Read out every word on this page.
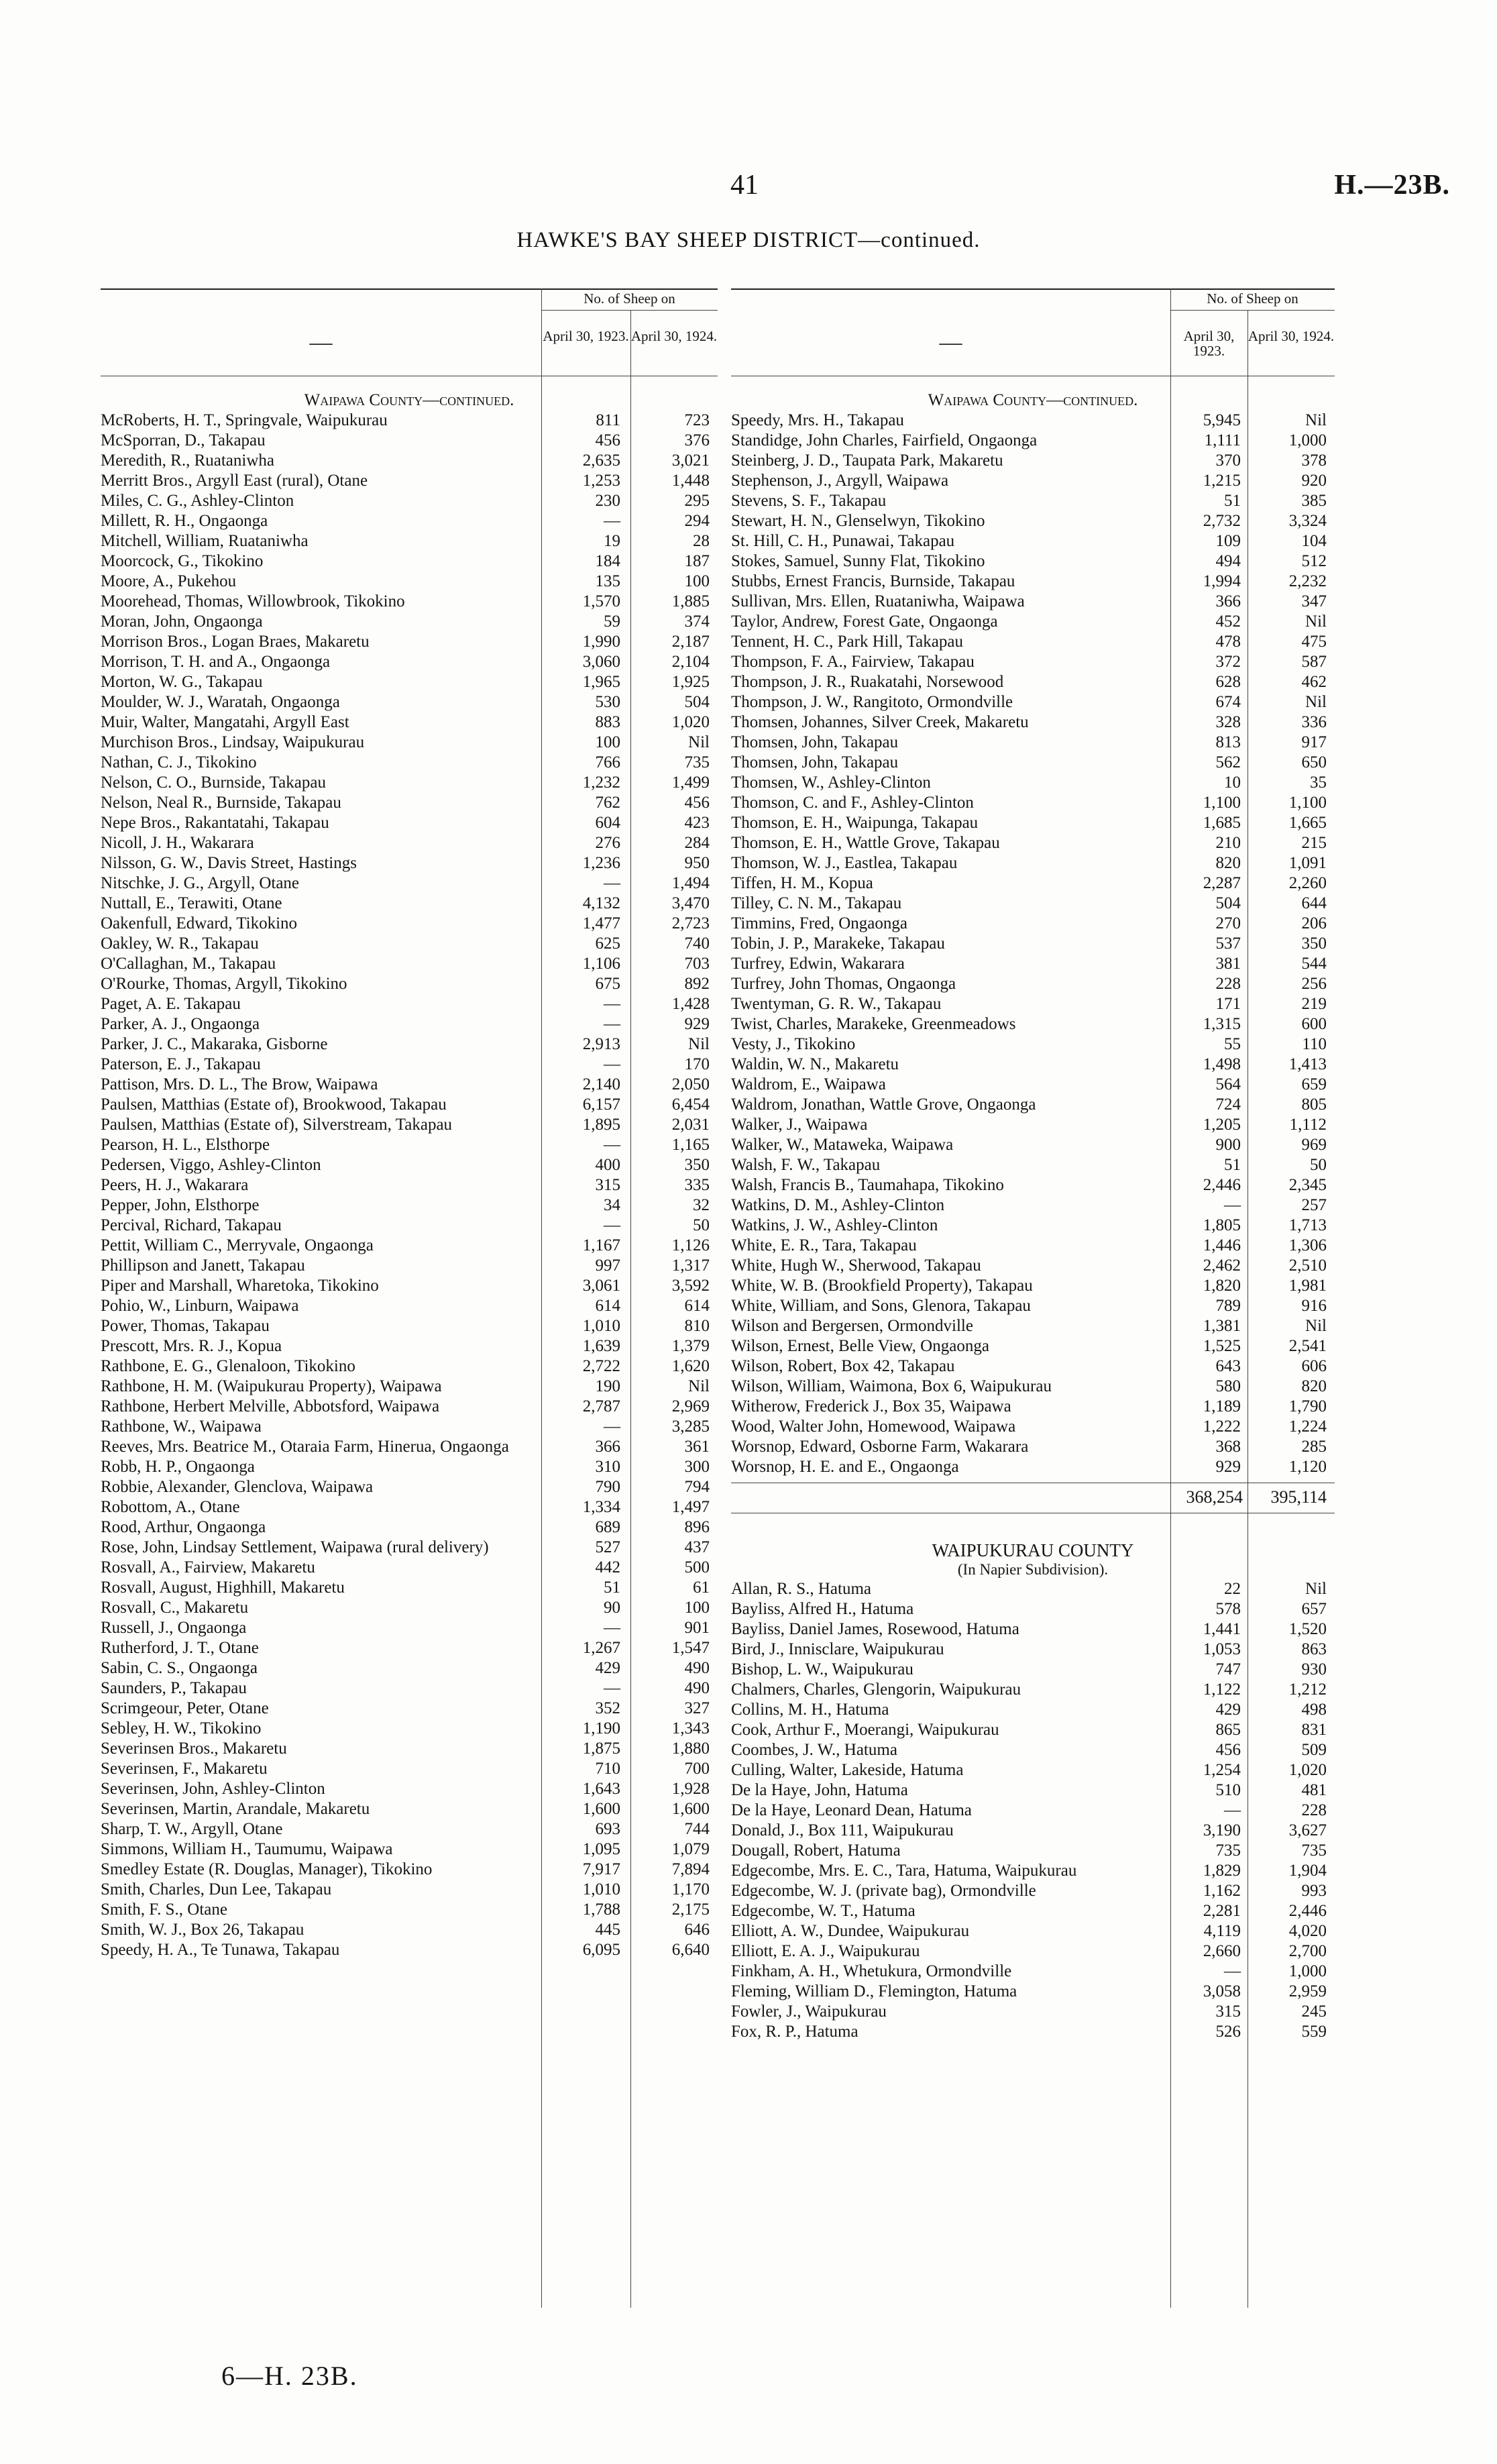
41	H.—23B.
HAWKE'S BAY SHEEP DISTRICT—continued.
—
No. of Sheep on
April 30, 1923. April 30, 1924.
Waipawa County—continued.
McRoberts, H. T., Springvale, Waipukurau	811	723
McSporran, D., Takapau	456	376
Meredith, R., Ruataniwha	2,635	3,021
Merritt Bros., Argyll East (rural), Otane	1,253	1,448
Miles, C. G., Ashley-Clinton	230	295
Millett, R. H., Ongaonga	—	294
Mitchell, William, Ruataniwha	19	28
Moorcock, G., Tikokino	184	187
Moore, A., Pukehou	135	100
Moorehead, Thomas, Willowbrook, Tikokino	1,570	1,885
Moran, John, Ongaonga	59	374
Morrison Bros., Logan Braes, Makaretu	1,990	2,187
Morrison, T. H. and A., Ongaonga	3,060	2,104
Morton, W. G., Takapau	1,965	1,925
Moulder, W. J., Waratah, Ongaonga	530	504
Muir, Walter, Mangatahi, Argyll East	883	1,020
Murchison Bros., Lindsay, Waipukurau	100	Nil
Nathan, C. J., Tikokino	766	735
Nelson, C. O., Burnside, Takapau	1,232	1,499
Nelson, Neal R., Burnside, Takapau	762	456
Nepe Bros., Rakantatahi, Takapau	604	423
Nicoll, J. H., Wakarara	276	284
Nilsson, G. W., Davis Street, Hastings	1,236	950
Nitschke, J. G., Argyll, Otane	—	1,494
Nuttall, E., Terawiti, Otane	4,132	3,470
Oakenfull, Edward, Tikokino	1,477	2,723
Oakley, W. R., Takapau	625	740
O'Callaghan, M., Takapau	1,106	703
O'Rourke, Thomas, Argyll, Tikokino	675	892
Paget, A. E. Takapau	—	1,428
Parker, A. J., Ongaonga	—	929
Parker, J. C., Makaraka, Gisborne	2,913	Nil
Paterson, E. J., Takapau	—	170
Pattison, Mrs. D. L., The Brow, Waipawa	2,140	2,050
Paulsen, Matthias (Estate of), Brookwood, Takapau	6,157	6,454
Paulsen, Matthias (Estate of), Silverstream, Takapau	1,895	2,031
Pearson, H. L., Elsthorpe	—	1,165
Pedersen, Viggo, Ashley-Clinton	400	350
Peers, H. J., Wakarara	315	335
Pepper, John, Elsthorpe	34	32
Percival, Richard, Takapau	—	50
Pettit, William C., Merryvale, Ongaonga	1,167	1,126
Phillipson and Janett, Takapau	997	1,317
Piper and Marshall, Wharetoka, Tikokino	3,061	3,592
Pohio, W., Linburn, Waipawa	614	614
Power, Thomas, Takapau	1,010	810
Prescott, Mrs. R. J., Kopua	1,639	1,379
Rathbone, E. G., Glenaloon, Tikokino	2,722	1,620
Rathbone, H. M. (Waipukurau Property), Waipawa	190	Nil
Rathbone, Herbert Melville, Abbotsford, Waipawa	2,787	2,969
Rathbone, W., Waipawa	—	3,285
Reeves, Mrs. Beatrice M., Otaraia Farm, Hinerua, Ongaonga	366	361
Robb, H. P., Ongaonga	310	300
Robbie, Alexander, Glenclova, Waipawa	790	794
Robottom, A., Otane	1,334	1,497
Rood, Arthur, Ongaonga	689	896
Rose, John, Lindsay Settlement, Waipawa (rural delivery)	527	437
Rosvall, A., Fairview, Makaretu	442	500
Rosvall, August, Highhill, Makaretu	51	61
Rosvall, C., Makaretu	90	100
Russell, J., Ongaonga	—	901
Rutherford, J. T., Otane	1,267	1,547
Sabin, C. S., Ongaonga	429	490
Saunders, P., Takapau	—	490
Scrimgeour, Peter, Otane	352	327
Sebley, H. W., Tikokino	1,190	1,343
Severinsen Bros., Makaretu	1,875	1,880
Severinsen, F., Makaretu	710	700
Severinsen, John, Ashley-Clinton	1,643	1,928
Severinsen, Martin, Arandale, Makaretu	1,600	1,600
Sharp, T. W., Argyll, Otane	693	744
Simmons, William H., Taumumu, Waipawa	1,095	1,079
Smedley Estate (R. Douglas, Manager), Tikokino	7,917	7,894
Smith, Charles, Dun Lee, Takapau	1,010	1,170
Smith, F. S., Otane	1,788	2,175
Smith, W. J., Box 26, Takapau	445	646
Speedy, H. A., Te Tunawa, Takapau	6,095	6,640
—
No. of Sheep on
April 30, 1923.
April 30, 1924.
Waipawa County—continued.
Speedy, Mrs. H., Takapau	5,945	Nil
Standidge, John Charles, Fairfield, Ongaonga	1,111	1,000
Steinberg, J. D., Taupata Park, Makaretu	370	378
Stephenson, J., Argyll, Waipawa	1,215	920
Stevens, S. F., Takapau	51	385
Stewart, H. N., Glenselwyn, Tikokino	2,732	3,324
St. Hill, C. H., Punawai, Takapau	109	104
Stokes, Samuel, Sunny Flat, Tikokino	494	512
Stubbs, Ernest Francis, Burnside, Takapau	1,994	2,232
Sullivan, Mrs. Ellen, Ruataniwha, Waipawa	366	347
Taylor, Andrew, Forest Gate, Ongaonga	452	Nil
Tennent, H. C., Park Hill, Takapau	478	475
Thompson, F. A., Fairview, Takapau	372	587
Thompson, J. R., Ruakatahi, Norsewood	628	462
Thompson, J. W., Rangitoto, Ormondville	674	Nil
Thomsen, Johannes, Silver Creek, Makaretu	328	336
Thomsen, John, Takapau	813	917
Thomsen, John, Takapau	562	650
Thomsen, W., Ashley-Clinton	10	35
Thomson, C. and F., Ashley-Clinton	1,100	1,100
Thomson, E. H., Waipunga, Takapau	1,685	1,665
Thomson, E. H., Wattle Grove, Takapau	210	215
Thomson, W. J., Eastlea, Takapau	820	1,091
Tiffen, H. M., Kopua	2,287	2,260
Tilley, C. N. M., Takapau	504	644
Timmins, Fred, Ongaonga	270	206
Tobin, J. P., Marakeke, Takapau	537	350
Turfrey, Edwin, Wakarara	381	544
Turfrey, John Thomas, Ongaonga	228	256
Twentyman, G. R. W., Takapau	171	219
Twist, Charles, Marakeke, Greenmeadows	1,315	600
Vesty, J., Tikokino	55	110
Waldin, W. N., Makaretu	1,498	1,413
Waldrom, E., Waipawa	564	659
Waldrom, Jonathan, Wattle Grove, Ongaonga	724	805
Walker, J., Waipawa	1,205	1,112
Walker, W., Mataweka, Waipawa	900	969
Walsh, F. W., Takapau	51	50
Walsh, Francis B., Taumahapa, Tikokino	2,446	2,345
Watkins, D. M., Ashley-Clinton	—	257
Watkins, J. W., Ashley-Clinton	1,805	1,713
White, E. R., Tara, Takapau	1,446	1,306
White, Hugh W., Sherwood, Takapau	2,462	2,510
White, W. B. (Brookfield Property), Takapau	1,820	1,981
White, William, and Sons, Glenora, Takapau	789	916
Wilson and Bergersen, Ormondville	1,381	Nil
Wilson, Ernest, Belle View, Ongaonga	1,525	2,541
Wilson, Robert, Box 42, Takapau	643	606
Wilson, William, Waimona, Box 6, Waipukurau	580	820
Witherow, Frederick J., Box 35, Waipawa	1,189	1,790
Wood, Walter John, Homewood, Waipawa	1,222	1,224
Worsnop, Edward, Osborne Farm, Wakarara	368	285
Worsnop, H. E. and E., Ongaonga	929	1,120
368,254	395,114
WAIPUKURAU COUNTY
(In Napier Subdivision).
Allan, R. S., Hatuma	22	Nil
Bayliss, Alfred H., Hatuma	578	657
Bayliss, Daniel James, Rosewood, Hatuma	1,441	1,520
Bird, J., Innisclare, Waipukurau	1,053	863
Bishop, L. W., Waipukurau	747	930
Chalmers, Charles, Glengorin, Waipukurau	1,122	1,212
Collins, M. H., Hatuma	429	498
Cook, Arthur F., Moerangi, Waipukurau	865	831
Coombes, J. W., Hatuma	456	509
Culling, Walter, Lakeside, Hatuma	1,254	1,020
De la Haye, John, Hatuma	510	481
De la Haye, Leonard Dean, Hatuma	—	228
Donald, J., Box 111, Waipukurau	3,190	3,627
Dougall, Robert, Hatuma	735	735
Edgecombe, Mrs. E. C., Tara, Hatuma, Waipukurau	1,829	1,904
Edgecombe, W. J. (private bag), Ormondville	1,162	993
Edgecombe, W. T., Hatuma	2,281	2,446
Elliott, A. W., Dundee, Waipukurau	4,119	4,020
Elliott, E. A. J., Waipukurau	2,660	2,700
Finkham, A. H., Whetukura, Ormondville	—	1,000
Fleming, William D., Flemington, Hatuma	3,058	2,959
Fowler, J., Waipukurau	315	245
Fox, R. P., Hatuma	526	559
6—H. 23B.
